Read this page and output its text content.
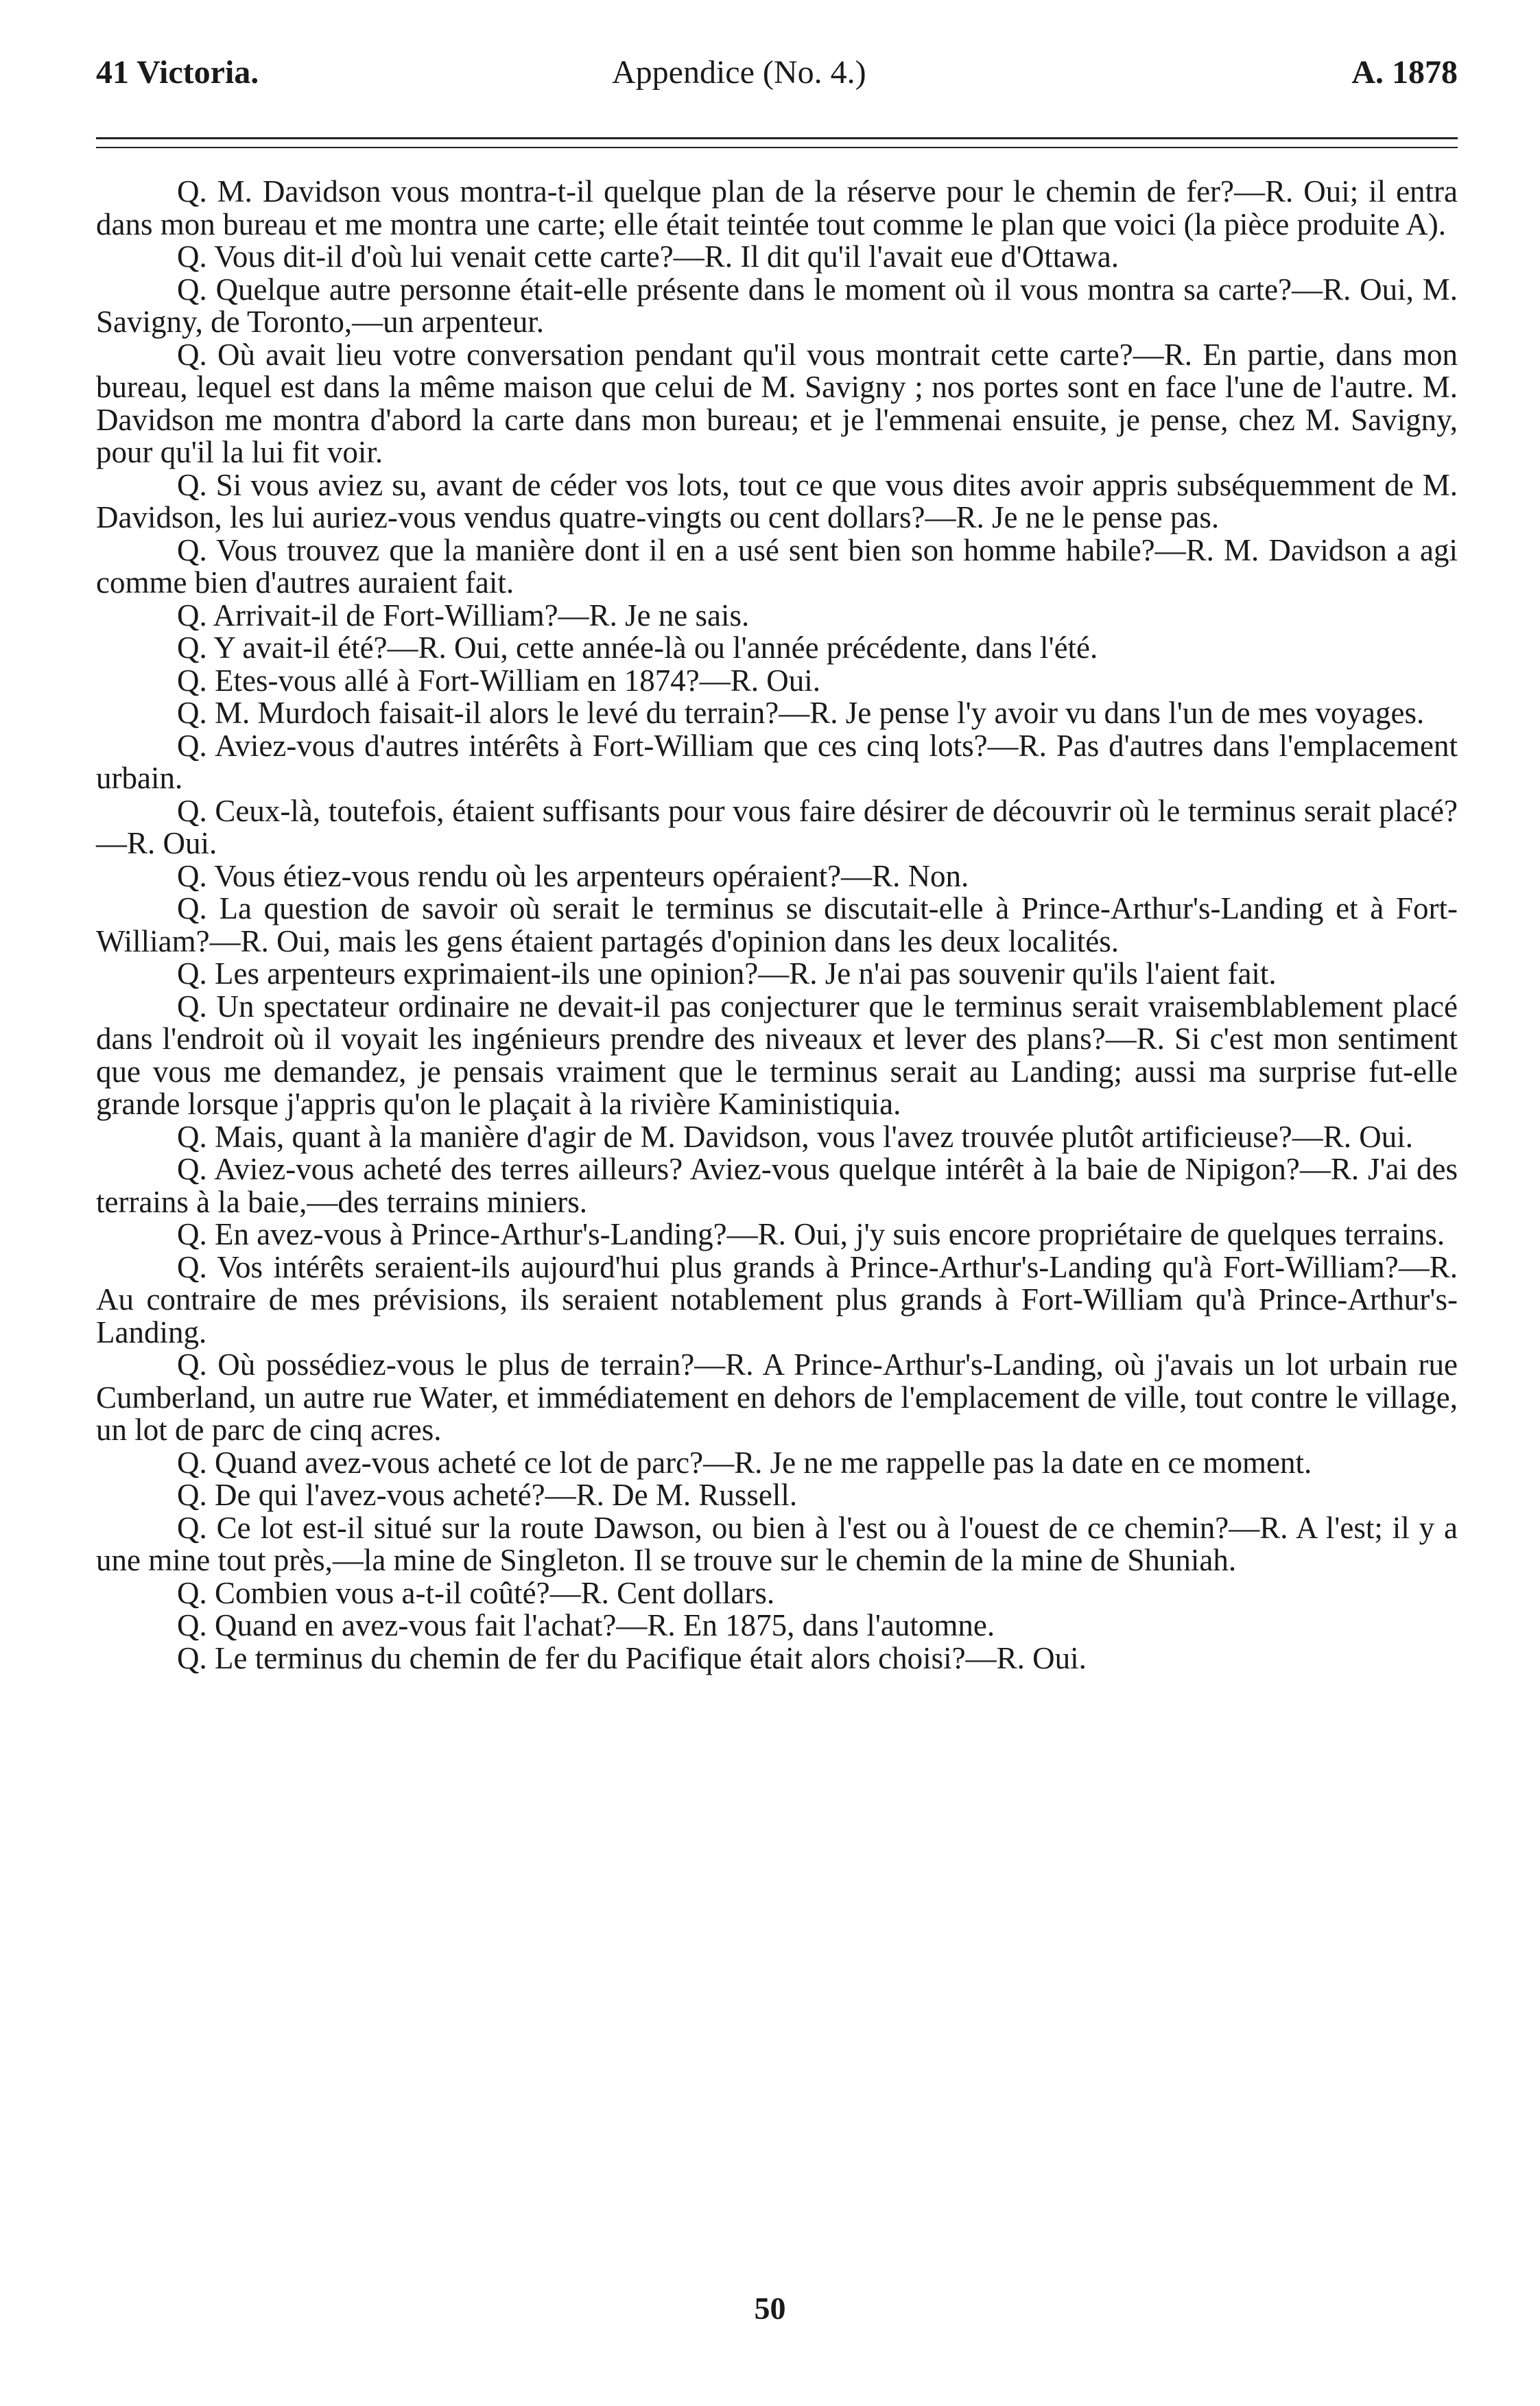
41 Victoria.	Appendice (No. 4.)	A. 1878

Q. M. Davidson vous montra-t-il quelque plan de la réserve pour le chemin de fer?—R. Oui; il entra dans mon bureau et me montra une carte; elle était teintée tout comme le plan que voici (la pièce produite A).

Q. Vous dit-il d'où lui venait cette carte?—R. Il dit qu'il l'avait eue d'Ottawa.

Q. Quelque autre personne était-elle présente dans le moment où il vous montra sa carte?—R. Oui, M. Savigny, de Toronto,—un arpenteur.

Q. Où avait lieu votre conversation pendant qu'il vous montrait cette carte?—R. En partie, dans mon bureau, lequel est dans la même maison que celui de M. Savigny ; nos portes sont en face l'une de l'autre. M. Davidson me montra d'abord la carte dans mon bureau; et je l'emmenai ensuite, je pense, chez M. Savigny, pour qu'il la lui fit voir.

Q. Si vous aviez su, avant de céder vos lots, tout ce que vous dites avoir appris subséquemment de M. Davidson, les lui auriez-vous vendus quatre-vingts ou cent dollars?—R. Je ne le pense pas.

Q. Vous trouvez que la manière dont il en a usé sent bien son homme habile?—R. M. Davidson a agi comme bien d'autres auraient fait.

Q. Arrivait-il de Fort-William?—R. Je ne sais.

Q. Y avait-il été?—R. Oui, cette année-là ou l'année précédente, dans l'été.

Q. Etes-vous allé à Fort-William en 1874?—R. Oui.

Q. M. Murdoch faisait-il alors le levé du terrain?—R. Je pense l'y avoir vu dans l'un de mes voyages.

Q. Aviez-vous d'autres intérêts à Fort-William que ces cinq lots?—R. Pas d'autres dans l'emplacement urbain.

Q. Ceux-là, toutefois, étaient suffisants pour vous faire désirer de découvrir où le terminus serait placé?—R. Oui.

Q. Vous étiez-vous rendu où les arpenteurs opéraient?—R. Non.

Q. La question de savoir où serait le terminus se discutait-elle à Prince-Arthur's-Landing et à Fort-William?—R. Oui, mais les gens étaient partagés d'opinion dans les deux localités.

Q. Les arpenteurs exprimaient-ils une opinion?—R. Je n'ai pas souvenir qu'ils l'aient fait.

Q. Un spectateur ordinaire ne devait-il pas conjecturer que le terminus serait vraisemblablement placé dans l'endroit où il voyait les ingénieurs prendre des niveaux et lever des plans?—R. Si c'est mon sentiment que vous me demandez, je pensais vraiment que le terminus serait au Landing; aussi ma surprise fut-elle grande lorsque j'appris qu'on le plaçait à la rivière Kaministiquia.

Q. Mais, quant à la manière d'agir de M. Davidson, vous l'avez trouvée plutôt artificieuse?—R. Oui.

Q. Aviez-vous acheté des terres ailleurs? Aviez-vous quelque intérêt à la baie de Nipigon?—R. J'ai des terrains à la baie,—des terrains miniers.

Q. En avez-vous à Prince-Arthur's-Landing?—R. Oui, j'y suis encore propriétaire de quelques terrains.

Q. Vos intérêts seraient-ils aujourd'hui plus grands à Prince-Arthur's-Landing qu'à Fort-William?—R. Au contraire de mes prévisions, ils seraient notablement plus grands à Fort-William qu'à Prince-Arthur's-Landing.

Q. Où possédiez-vous le plus de terrain?—R. A Prince-Arthur's-Landing, où j'avais un lot urbain rue Cumberland, un autre rue Water, et immédiatement en dehors de l'emplacement de ville, tout contre le village, un lot de parc de cinq acres.

Q. Quand avez-vous acheté ce lot de parc?—R. Je ne me rappelle pas la date en ce moment.

Q. De qui l'avez-vous acheté?—R. De M. Russell.

Q. Ce lot est-il situé sur la route Dawson, ou bien à l'est ou à l'ouest de ce chemin?—R. A l'est; il y a une mine tout près,—la mine de Singleton. Il se trouve sur le chemin de la mine de Shuniah.

Q. Combien vous a-t-il coûté?—R. Cent dollars.

Q. Quand en avez-vous fait l'achat?—R. En 1875, dans l'automne.

Q. Le terminus du chemin de fer du Pacifique était alors choisi?—R. Oui.

50
